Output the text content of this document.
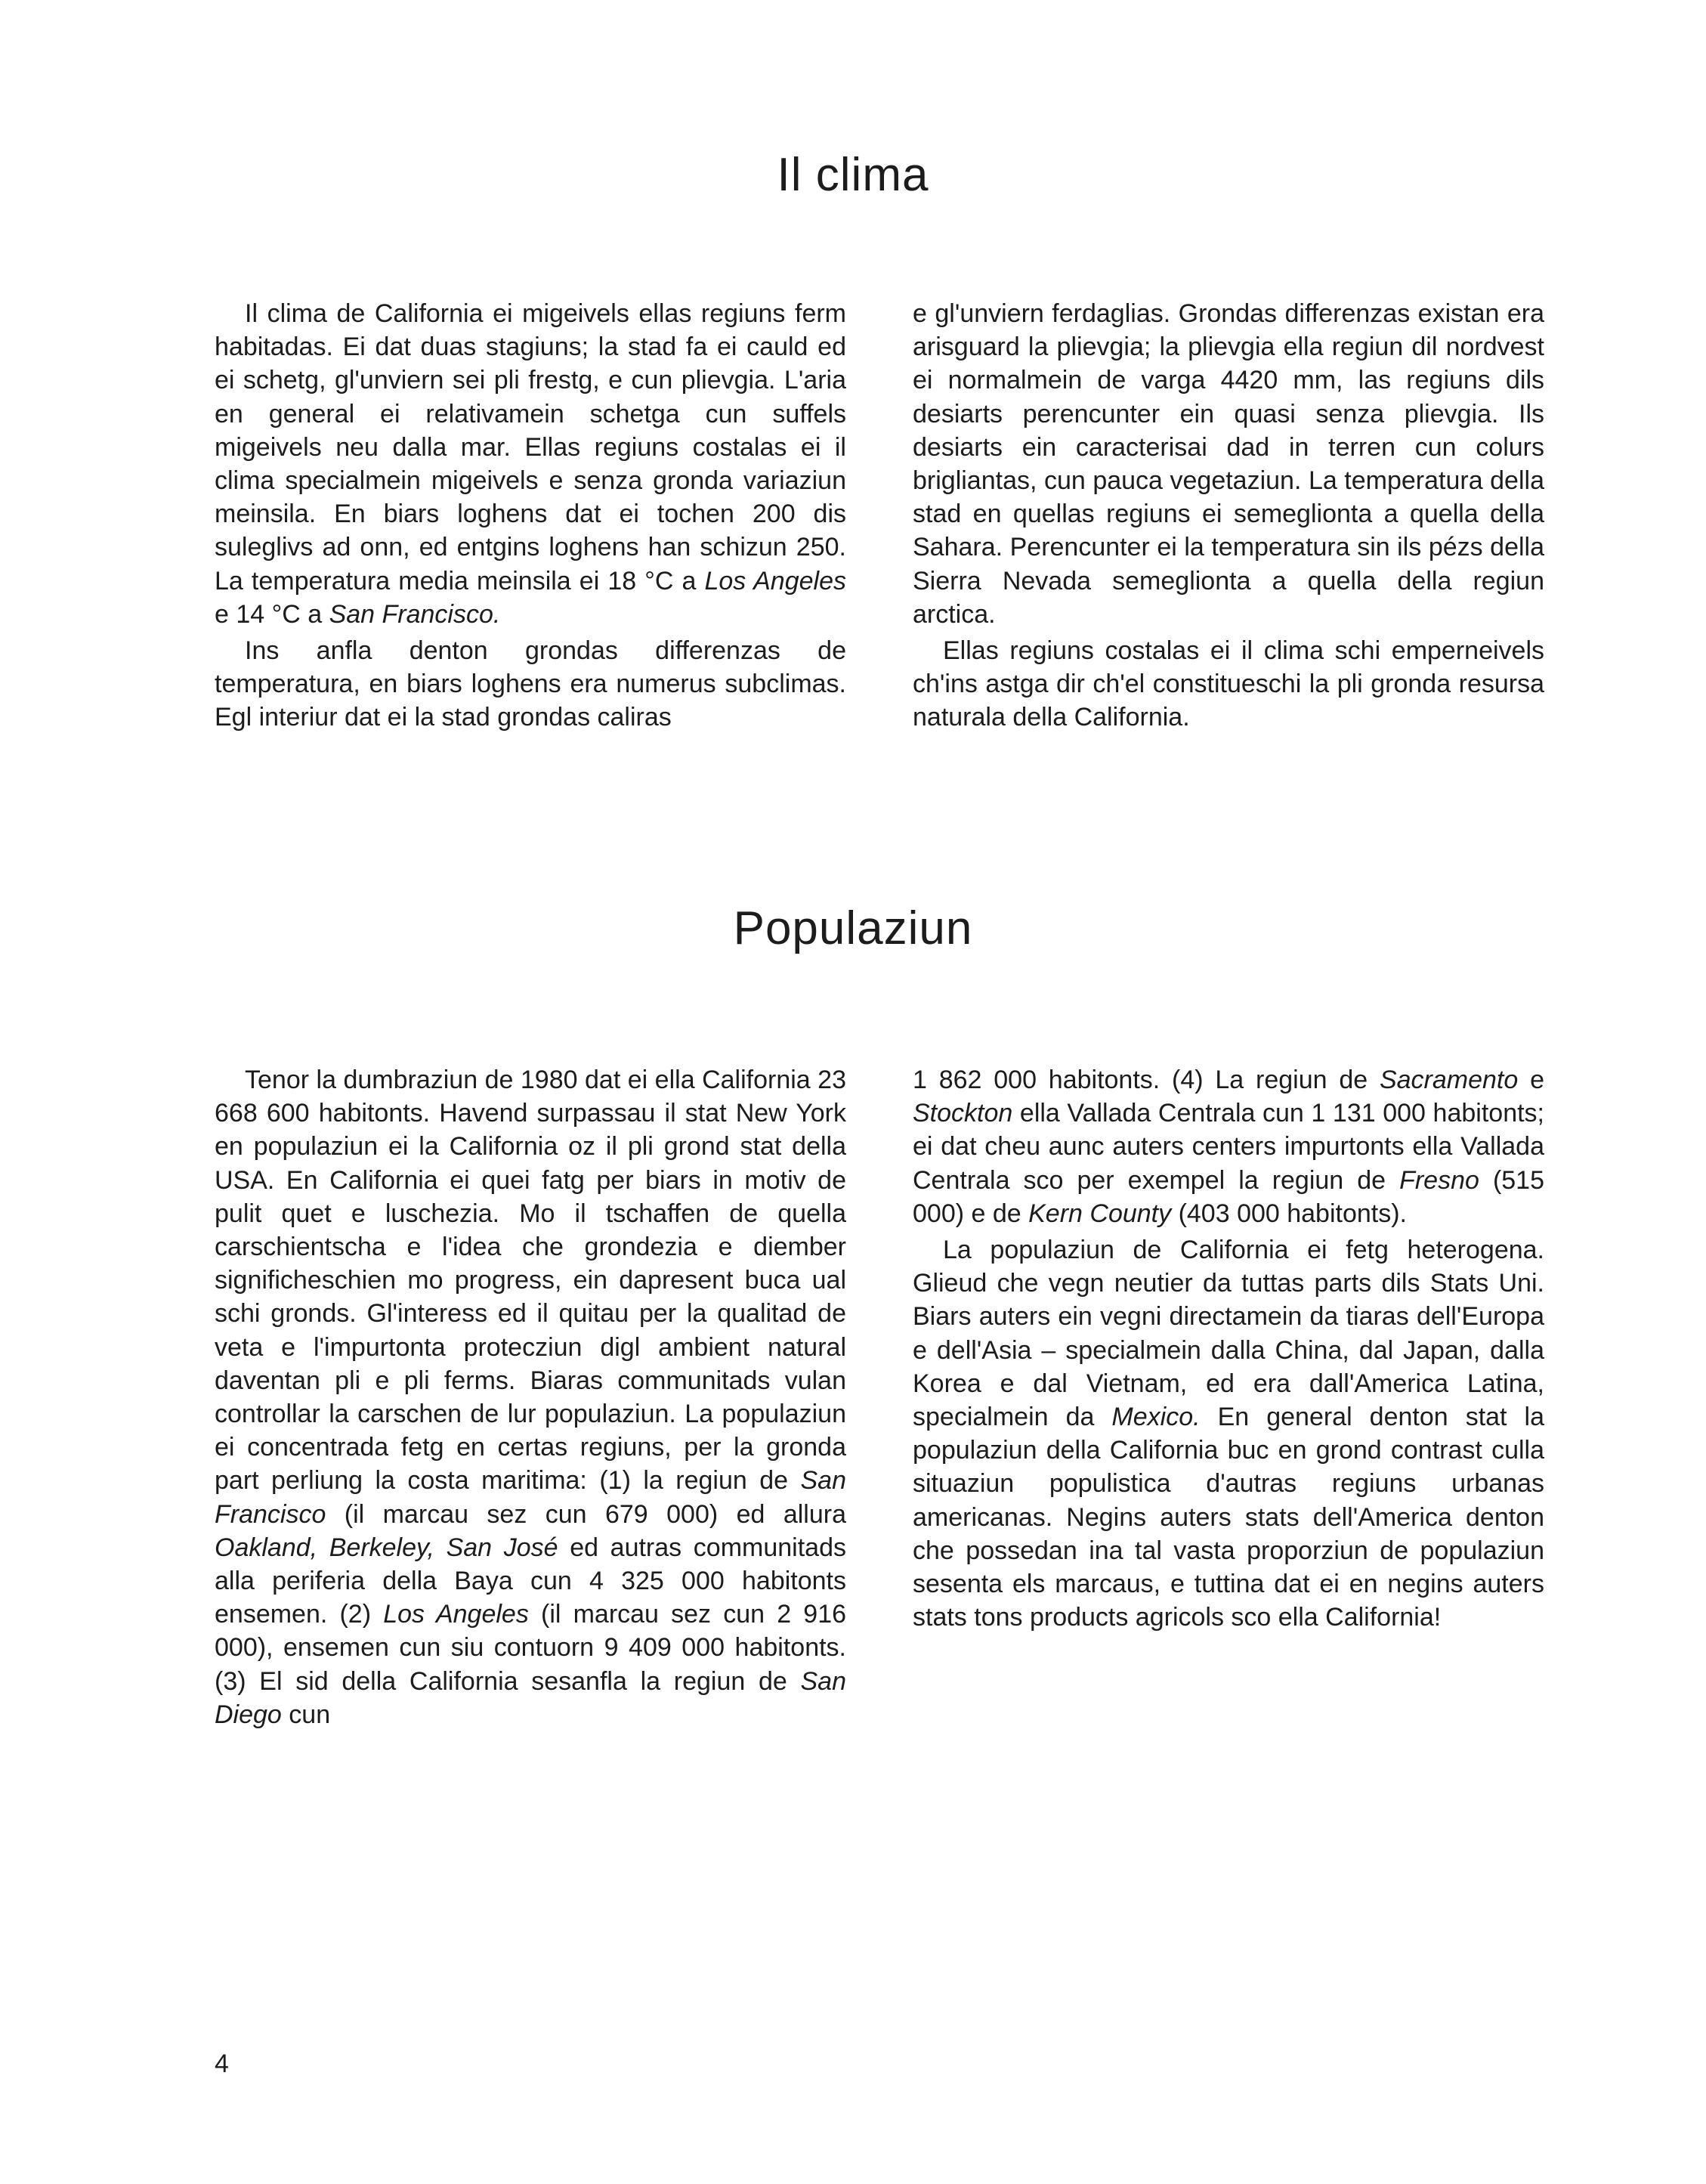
Il clima

Il clima de California ei migeivels ellas regiuns ferm habitadas. Ei dat duas stagiuns; la stad fa ei cauld ed ei schetg, gl'unviern sei pli frestg, e cun plievgia. L'aria en general ei relativamein schetga cun suffels migeivels neu dalla mar. Ellas regiuns costalas ei il clima specialmein migeivels e senza gronda variaziun meinsila. En biars loghens dat ei tochen 200 dis suleglivs ad onn, ed entgins loghens han schizun 250. La temperatura media meinsila ei 18 °C a Los Angeles e 14 °C a San Francisco.

Ins anfla denton grondas differenzas de temperatura, en biars loghens era numerus subclimas. Egl interiur dat ei la stad grondas caliras

e gl'unviern ferdaglias. Grondas differenzas existan era arisguard la plievgia; la plievgia ella regiun dil nordvest ei normalmein de varga 4420 mm, las regiuns dils desiarts perencunter ein quasi senza plievgia. Ils desiarts ein caracterisai dad in terren cun colurs brigliantas, cun pauca vegetaziun. La temperatura della stad en quellas regiuns ei semeglionta a quella della Sahara. Perencunter ei la temperatura sin ils pézs della Sierra Nevada semeglionta a quella della regiun arctica.

Ellas regiuns costalas ei il clima schi emperneivels ch'ins astga dir ch'el constitueschi la pli gronda resursa naturala della California.

Populaziun

Tenor la dumbraziun de 1980 dat ei ella California 23 668 600 habitonts. Havend surpassau il stat New York en populaziun ei la California oz il pli grond stat della USA. En California ei quei fatg per biars in motiv de pulit quet e luschezia. Mo il tschaffen de quella carschientscha e l'idea che grondezia e diember significheschien mo progress, ein dapresent buca ual schi gronds. Gl'interess ed il quitau per la qualitad de veta e l'impurtonta protecziun digl ambient natural daventan pli e pli ferms. Biaras communitads vulan controllar la carschen de lur populaziun. La populaziun ei concentrada fetg en certas regiuns, per la gronda part perliung la costa maritima: (1) la regiun de San Francisco (il marcau sez cun 679 000) ed allura Oakland, Berkeley, San José ed autras communitads alla periferia della Baya cun 4 325 000 habitonts ensemen. (2) Los Angeles (il marcau sez cun 2 916 000), ensemen cun siu contuorn 9 409 000 habitonts. (3) El sid della California sesanfla la regiun de San Diego cun

1 862 000 habitonts. (4) La regiun de Sacramento e Stockton ella Vallada Centrala cun 1 131 000 habitonts; ei dat cheu aunc auters centers impurtonts ella Vallada Centrala sco per exempel la regiun de Fresno (515 000) e de Kern County (403 000 habitonts).

La populaziun de California ei fetg heterogena. Glieud che vegn neutier da tuttas parts dils Stats Uni. Biars auters ein vegni directamein da tiaras dell'Europa e dell'Asia – specialmein dalla China, dal Japan, dalla Korea e dal Vietnam, ed era dall'America Latina, specialmein da Mexico. En general denton stat la populaziun della California buc en grond contrast culla situaziun populistica d'autras regiuns urbanas americanas. Negins auters stats dell'America denton che possedan ina tal vasta proporziun de populaziun sesenta els marcaus, e tuttina dat ei en negins auters stats tons products agricols sco ella California!

4
